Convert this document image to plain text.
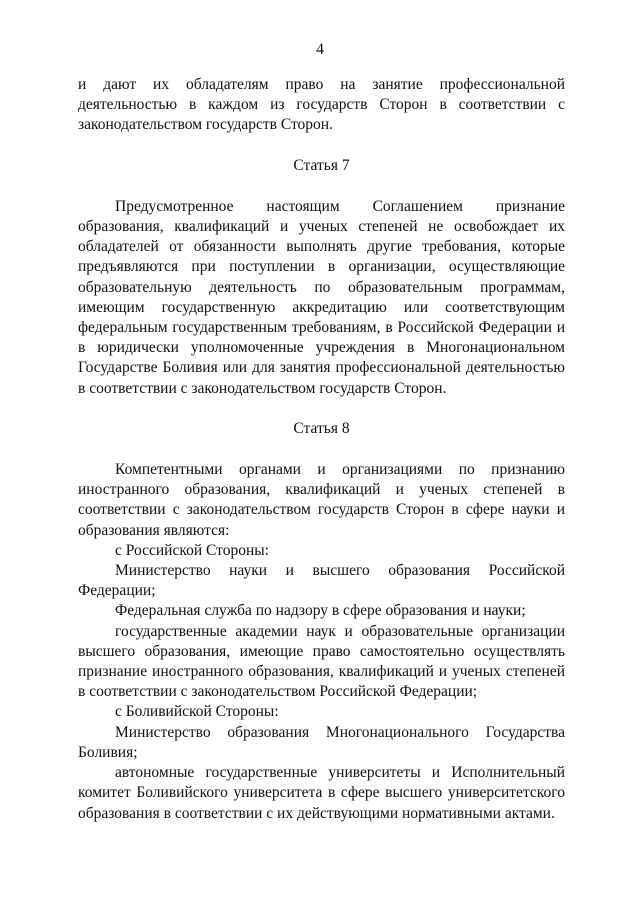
4

и дают их обладателям право на занятие профессиональной деятельностью в каждом из государств Сторон в соответствии с законодательством государств Сторон.

Статья 7

Предусмотренное настоящим Соглашением признание образования, квалификаций и ученых степеней не освобождает их обладателей от обязанности выполнять другие требования, которые предъявляются при поступлении в организации, осуществляющие образовательную деятельность по образовательным программам, имеющим государственную аккредитацию или соответствующим федеральным государственным требованиям, в Российской Федерации и в юридически уполномоченные учреждения в Многонациональном Государстве Боливия или для занятия профессиональной деятельностью в соответствии с законодательством государств Сторон.

Статья 8

Компетентными органами и организациями по признанию иностранного образования, квалификаций и ученых степеней в соответствии с законодательством государств Сторон в сфере науки и образования являются:

с Российской Стороны:

Министерство науки и высшего образования Российской Федерации;

Федеральная служба по надзору в сфере образования и науки;

государственные академии наук и образовательные организации высшего образования, имеющие право самостоятельно осуществлять признание иностранного образования, квалификаций и ученых степеней в соответствии с законодательством Российской Федерации;

с Боливийской Стороны:

Министерство образования Многонационального Государства Боливия;

автономные государственные университеты и Исполнительный комитет Боливийского университета в сфере высшего университетского образования в соответствии с их действующими нормативными актами.
